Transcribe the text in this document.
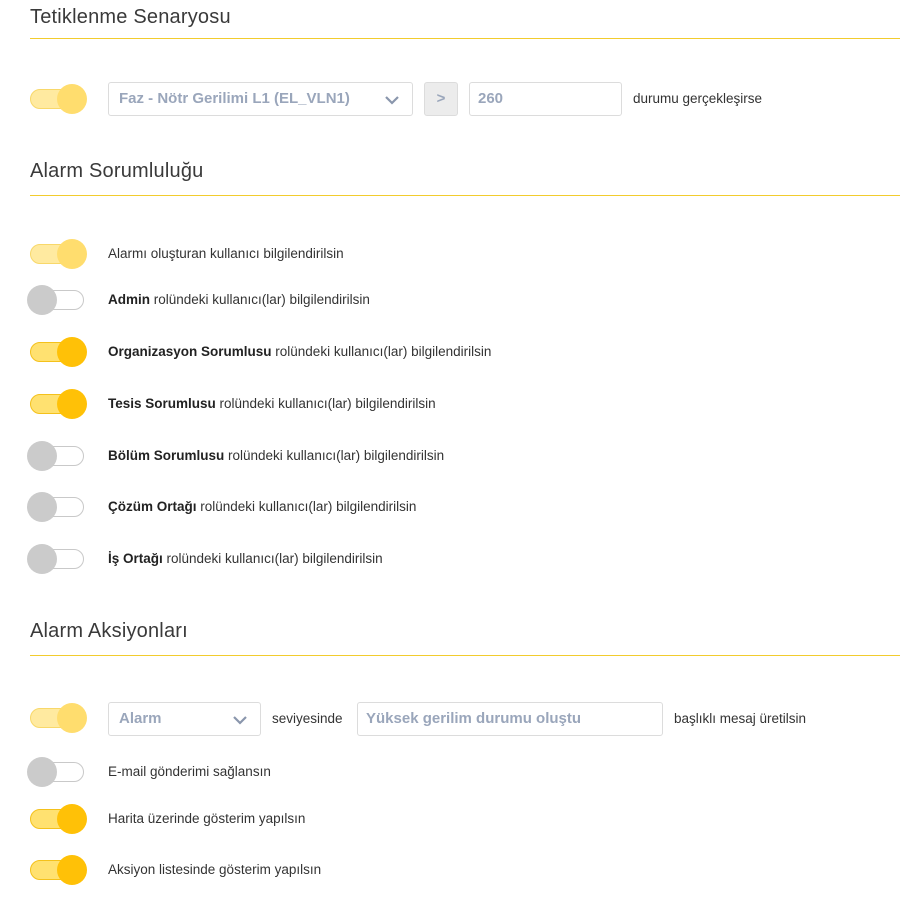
Tetiklenme Senaryosu
Faz - Nötr Gerilimi L1 (EL_VLN1)	>	260	durumu gerçekleşirse
Alarm Sorumluluğu
Alarmı oluşturan kullanıcı bilgilendirilsin
Admin rolündeki kullanıcı(lar) bilgilendirilsin
Organizasyon Sorumlusu rolündeki kullanıcı(lar) bilgilendirilsin
Tesis Sorumlusu rolündeki kullanıcı(lar) bilgilendirilsin
Bölüm Sorumlusu rolündeki kullanıcı(lar) bilgilendirilsin
Çözüm Ortağı rolündeki kullanıcı(lar) bilgilendirilsin
İş Ortağı rolündeki kullanıcı(lar) bilgilendirilsin
Alarm Aksiyonları
Alarm	seviyesinde	Yüksek gerilim durumu oluştu	başlıklı mesaj üretilsin
E-mail gönderimi sağlansın
Harita üzerinde gösterim yapılsın
Aksiyon listesinde gösterim yapılsın
